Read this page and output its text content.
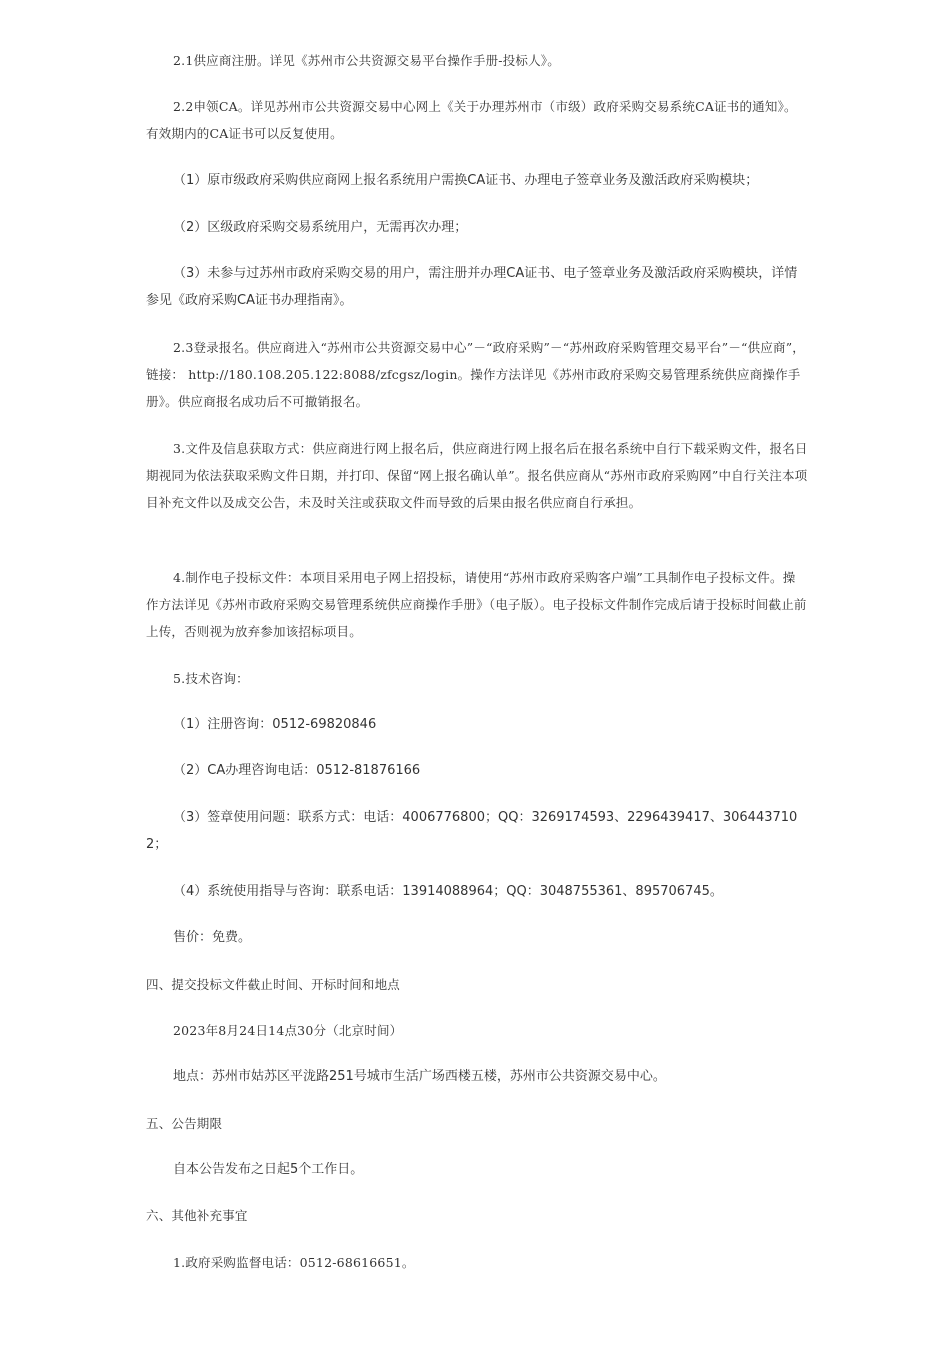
2.1供应商注册。详见《苏州市公共资源交易平台操作手册-投标人》。

2.2申领CA。详见苏州市公共资源交易中心网上《关于办理苏州市（市级）政府采购交易系统CA证书的通知》。有效期内的CA证书可以反复使用。

（1）原市级政府采购供应商网上报名系统用户需换CA证书、办理电子签章业务及激活政府采购模块；

（2）区级政府采购交易系统用户，无需再次办理；

（3）未参与过苏州市政府采购交易的用户，需注册并办理CA证书、电子签章业务及激活政府采购模块，详情参见《政府采购CA证书办理指南》。

2.3登录报名。供应商进入“苏州市公共资源交易中心”－“政府采购”－“苏州政府采购管理交易平台”－“供应商”，链接： http://180.108.205.122:8088/zfcgsz/login。操作方法详见《苏州市政府采购交易管理系统供应商操作手册》。供应商报名成功后不可撤销报名。

3.文件及信息获取方式：供应商进行网上报名后，供应商进行网上报名后在报名系统中自行下载采购文件，报名日期视同为依法获取采购文件日期，并打印、保留“网上报名确认单”。报名供应商从“苏州市政府采购网”中自行关注本项目补充文件以及成交公告，未及时关注或获取文件而导致的后果由报名供应商自行承担。

4.制作电子投标文件：本项目采用电子网上招投标，请使用“苏州市政府采购客户端”工具制作电子投标文件。操作方法详见《苏州市政府采购交易管理系统供应商操作手册》（电子版）。电子投标文件制作完成后请于投标时间截止前上传，否则视为放弃参加该招标项目。

5.技术咨询：

（1）注册咨询：0512-69820846

（2）CA办理咨询电话：0512-81876166

（3）签章使用问题：联系方式：电话：4006776800；QQ：3269174593、2296439417、3064437102；

（4）系统使用指导与咨询：联系电话：13914088964；QQ：3048755361、895706745。

售价：免费。

四、提交投标文件截止时间、开标时间和地点

2023年8月24日14点30分（北京时间）

地点：苏州市姑苏区平泷路251号城市生活广场西楼五楼，苏州市公共资源交易中心。

五、公告期限

自本公告发布之日起5个工作日。

六、其他补充事宜

1.政府采购监督电话：0512-68616651。
